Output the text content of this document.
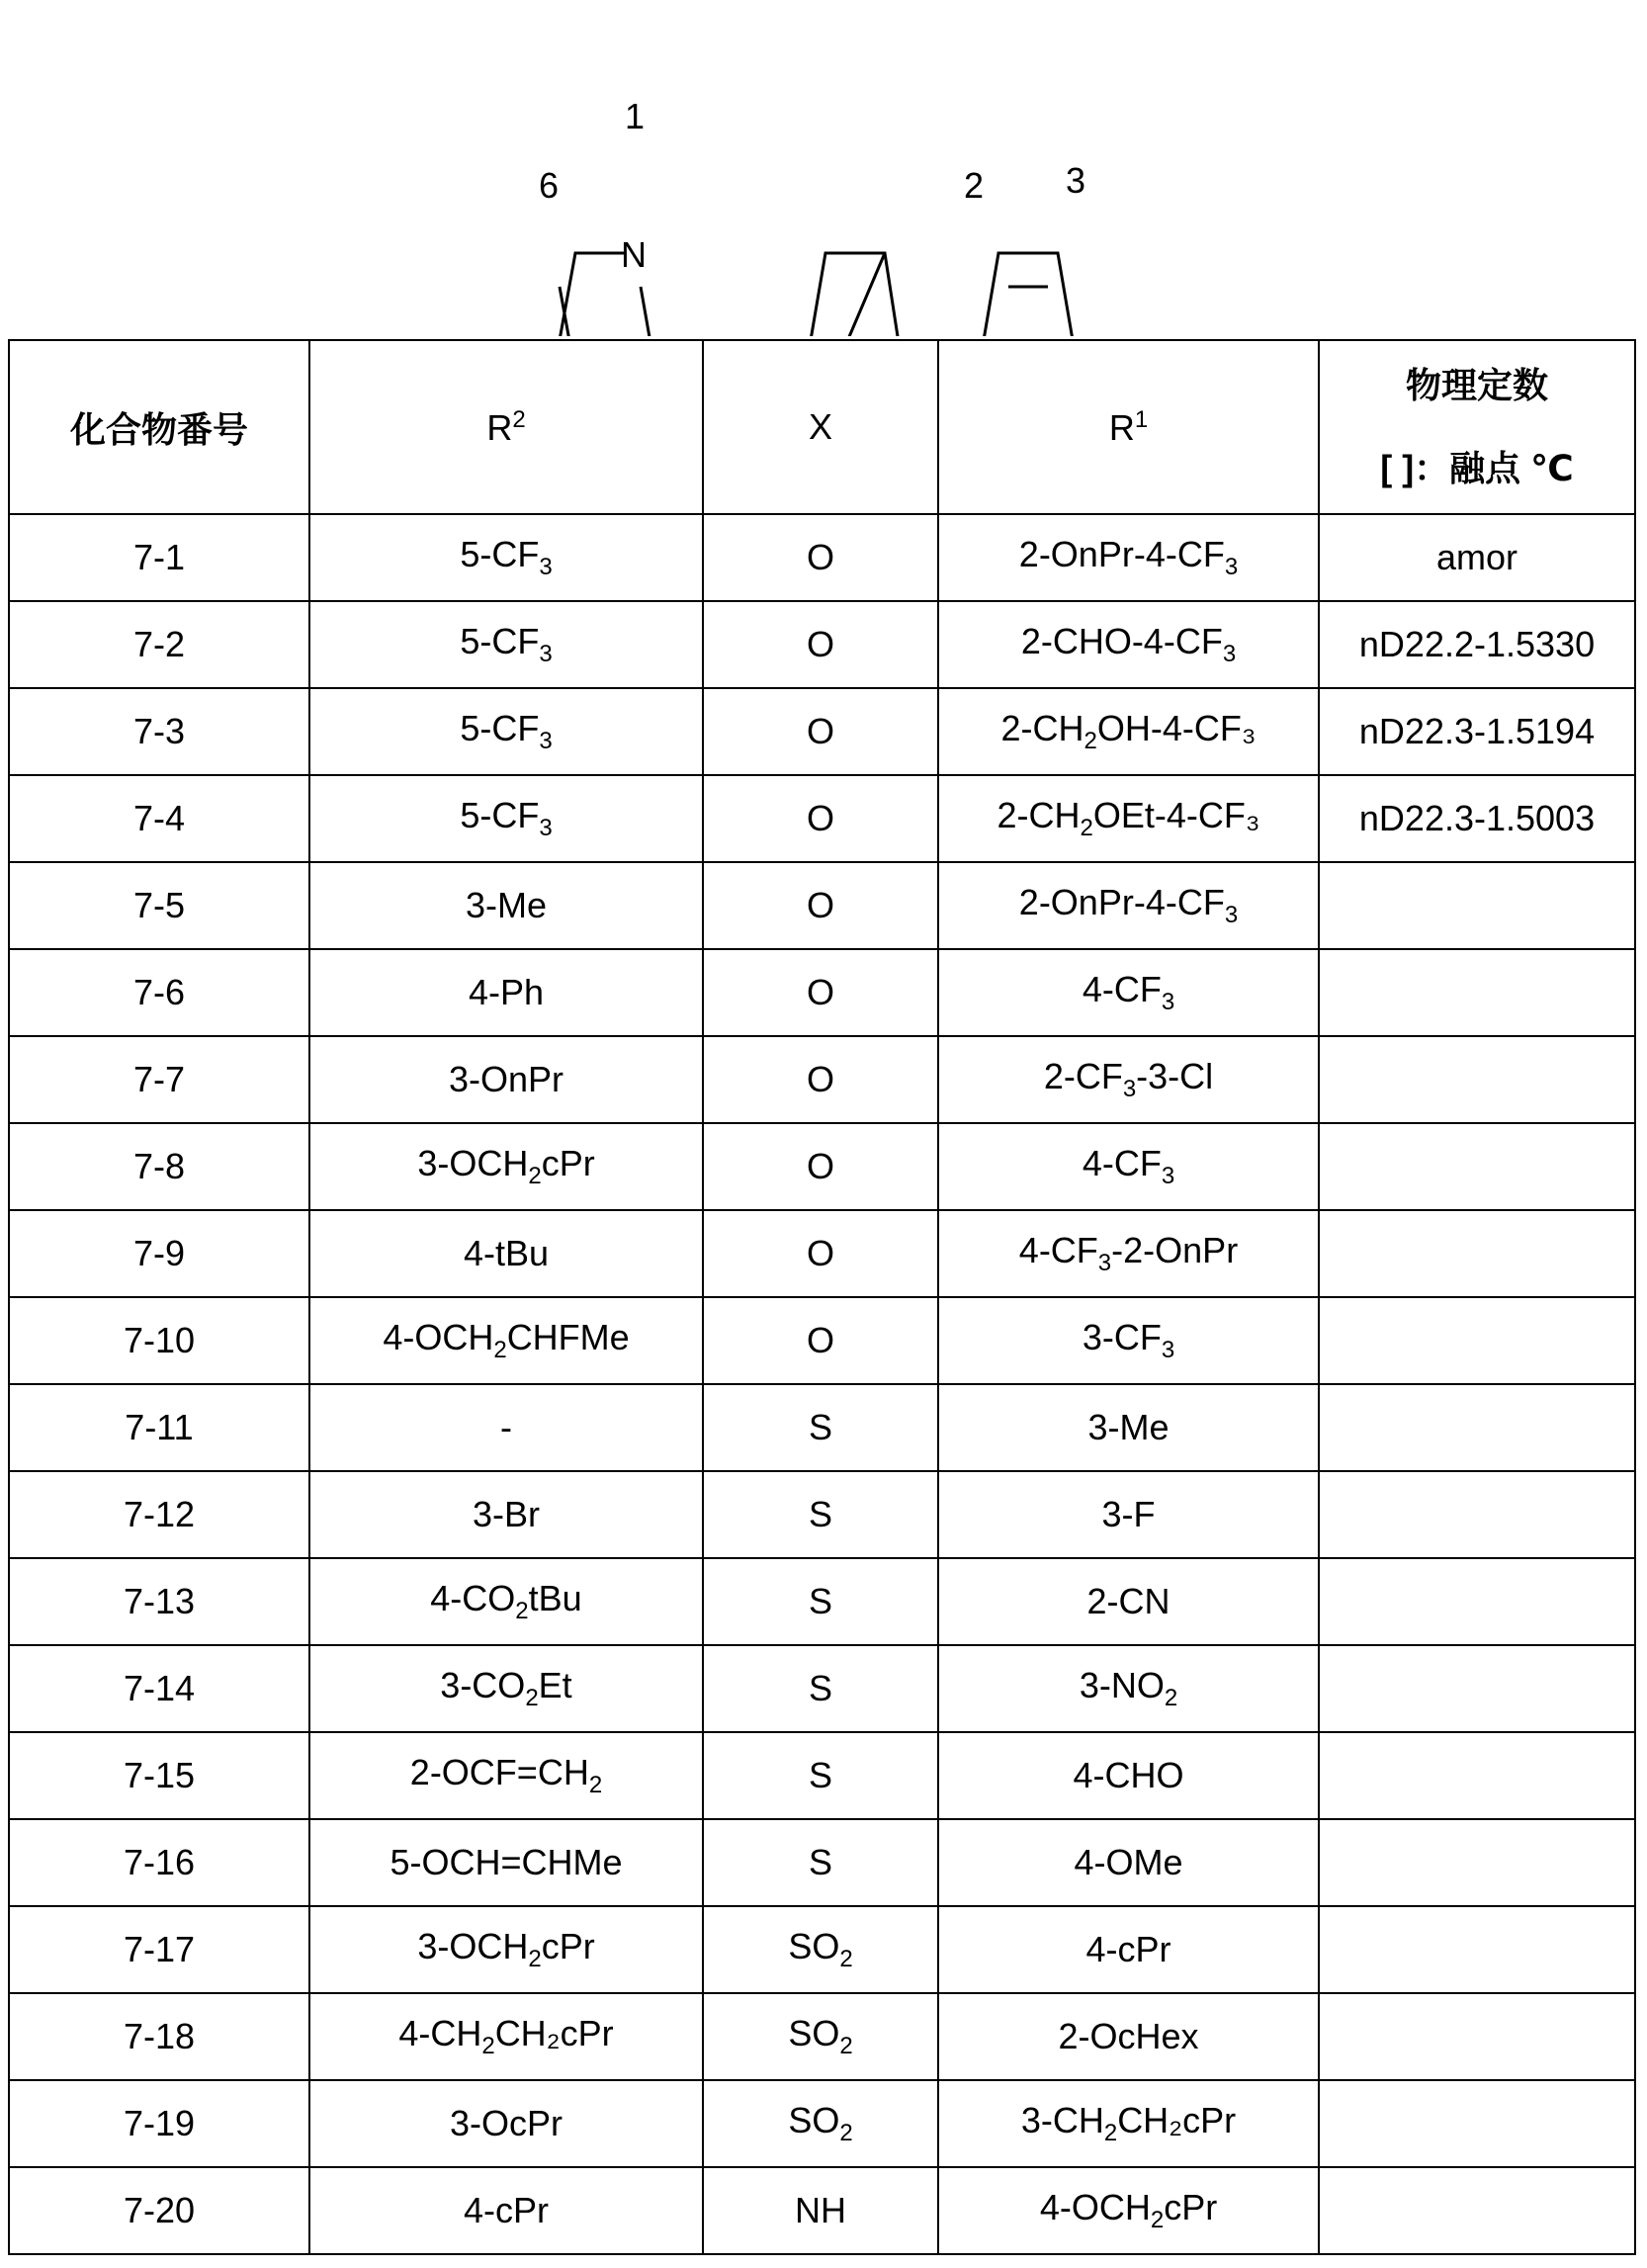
N
1
6	2 3
化合物番号	R2	X	R1	
物理定数
[ ]：融点 ℃

7-1	5-CF3	O	2-OnPr-4-CF3	amor
7-2	5-CF3	O	2-CHO-4-CF3	nD22.2-1.5330
7-3	5-CF3	O	2-CH2OH-4-CF₃	nD22.3-1.5194
7-4	5-CF3	O	2-CH2OEt-4-CF₃	nD22.3-1.5003
7-5	3-Me	O	2-OnPr-4-CF3	
7-6	4-Ph	O	4-CF3	
7-7	3-OnPr	O	2-CF3-3-Cl	
7-8	3-OCH2cPr	O	4-CF3	
7-9	4-tBu	O	4-CF3-2-OnPr	
7-10	4-OCH2CHFMe	O	3-CF3	
7-11	-	S	3-Me	
7-12	3-Br	S	3-F	
7-13	4-CO2tBu	S	2-CN	
7-14	3-CO2Et	S	3-NO2	
7-15	2-OCF=CH2	S	4-CHO	
7-16	5-OCH=CHMe	S	4-OMe	
7-17	3-OCH2cPr	SO2	4-cPr	
7-18	4-CH2CH₂cPr	SO2	2-OcHex	
7-19	3-OcPr	SO2	3-CH2CH₂cPr	
7-20	4-cPr	NH	4-OCH2cPr	
